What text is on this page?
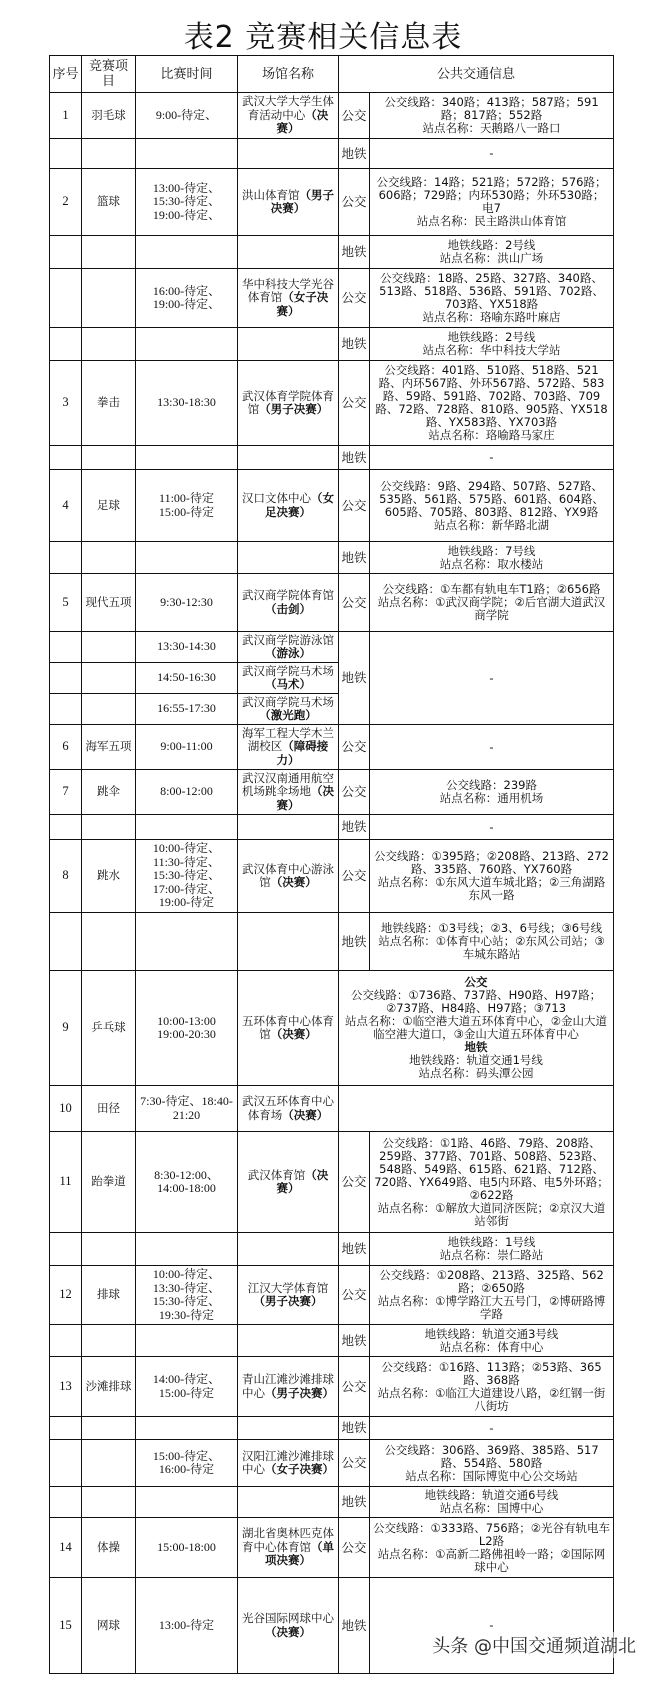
表2 竞赛相关信息表
序号	竞赛项目	比赛时间	场馆名称	公共交通信息	
1	羽毛球	9:00-待定、	武汉大学大学生体育活动中心（决赛）	公交	公交线路：340路；413路；587路；591路；817路；552路
站点名称：天鹅路八一路口
				地铁	-
2	篮球	13:00-待定、
15:30-待定、
19:00-待定、	洪山体育馆（男子决赛）	公交	公交线路：14路；521路；572路；576路；606路；729路；内环530路；外环530路；电7
站点名称：民主路洪山体育馆
				地铁	地铁线路：2号线
站点名称：洪山广场
		16:00-待定、
19:00-待定、	华中科技大学光谷体育馆（女子决赛）	公交	公交线路：18路、25路、327路、340路、513路、518路、536路、591路、702路、703路、YX518路
站点名称：珞喻东路叶麻店
				地铁	地铁线路：2号线
站点名称：华中科技大学站
3	拳击	13:30-18:30	武汉体育学院体育馆（男子决赛）	公交	公交线路：401路、510路、518路、521路、内环567路、外环567路、572路、583路、59路、591路、702路、703路、709路、72路、728路、810路、905路、YX518路、YX583路、YX703路
站点名称：珞喻路马家庄
				地铁	-
4	足球	11:00-待定
15:00-待定	汉口文体中心（女足决赛）	公交	公交线路：9路、294路、507路、527路、535路、561路、575路、601路、604路、605路、705路、803路、812路、YX9路
站点名称：新华路北湖
				地铁	地铁线路：7号线
站点名称：取水楼站
5	现代五项	9:30-12:30	武汉商学院体育馆（击剑）	公交	公交线路：①车都有轨电车T1路；②656路
站点名称：①武汉商学院；②后官湖大道武汉商学院
		13:30-14:30	武汉商学院游泳馆（游泳）	地铁	-
		14:50-16:30	武汉商学院马术场（马术）		
		16:55-17:30	武汉商学院马术场（激光跑）		
6	海军五项	9:00-11:00	海军工程大学木兰湖校区（障碍接力）	公交	-
7	跳伞	8:00-12:00	武汉汉南通用航空机场跳伞场地（决赛）	公交	公交线路：239路
站点名称：通用机场
				地铁	-
8	跳水	10:00-待定、11:30-待定、15:30-待定、17:00-待定、19:00-待定	武汉体育中心游泳馆（决赛）	公交	公交线路：①395路；②208路、213路、272路、335路、760路、YX760路
站点名称：①东风大道车城北路；②三角湖路东风一路
				地铁	地铁线路：①3号线；②3、6号线；③6号线
站点名称：①体育中心站；②东风公司站；③车城东路站
9	乒乓球	10:00-13:00
19:00-20:30	五环体育中心体育馆（决赛）	
公交
公交线路：①736路、737路、H90路、H97路；②737路、H84路、H97路；③713
站点名称：①临空港大道五环体育中心，②金山大道临空港大道口，③金山大道五环体育中心
地铁
地铁线路：轨道交通1号线
站点名称：码头潭公园

10	田径	7:30-待定、18:40-21:20	武汉五环体育中心体育场（决赛）		
11	跆拳道	8:30-12:00、
14:00-18:00	武汉体育馆（决赛）	公交	公交线路：①1路、46路、79路、208路、259路、377路、701路、508路、523路、548路、549路、615路、621路、712路、720路、YX649路、电5内环路、电5外环路；②622路
站点名称：①解放大道同济医院；②京汉大道站邻街
				地铁	地铁线路：1号线
站点名称：崇仁路站
12	排球	10:00-待定、
13:30-待定、
15:30-待定、
19:30-待定	江汉大学体育馆（男子决赛）	公交	公交线路：①208路、213路、325路、562路；②650路
站点名称：①博学路江大五号门，②博研路博学路
				地铁	地铁线路：轨道交通3号线
站点名称：体育中心
13	沙滩排球	14:00-待定、15:00-待定	青山江滩沙滩排球中心（男子决赛）	公交	公交线路：①16路、113路；②53路、365路、368路
站点名称：①临江大道建设八路，②红钢一街八街坊
				地铁	-
		15:00-待定、16:00-待定	汉阳江滩沙滩排球中心（女子决赛）	公交	公交线路：306路、369路、385路、517路、554路、580路
站点名称：国际博览中心公交场站
				地铁	地铁线路：轨道交通6号线
站点名称：国博中心
14	体操	15:00-18:00	湖北省奥林匹克体育中心体育馆（单项决赛）	公交	公交线路：①333路、756路；②光谷有轨电车L2路
站点名称：①高新二路佛祖岭一路；②国际网球中心
15	网球	13:00-待定	光谷国际网球中心（决赛）	地铁	-
头条 @中国交通频道湖北
